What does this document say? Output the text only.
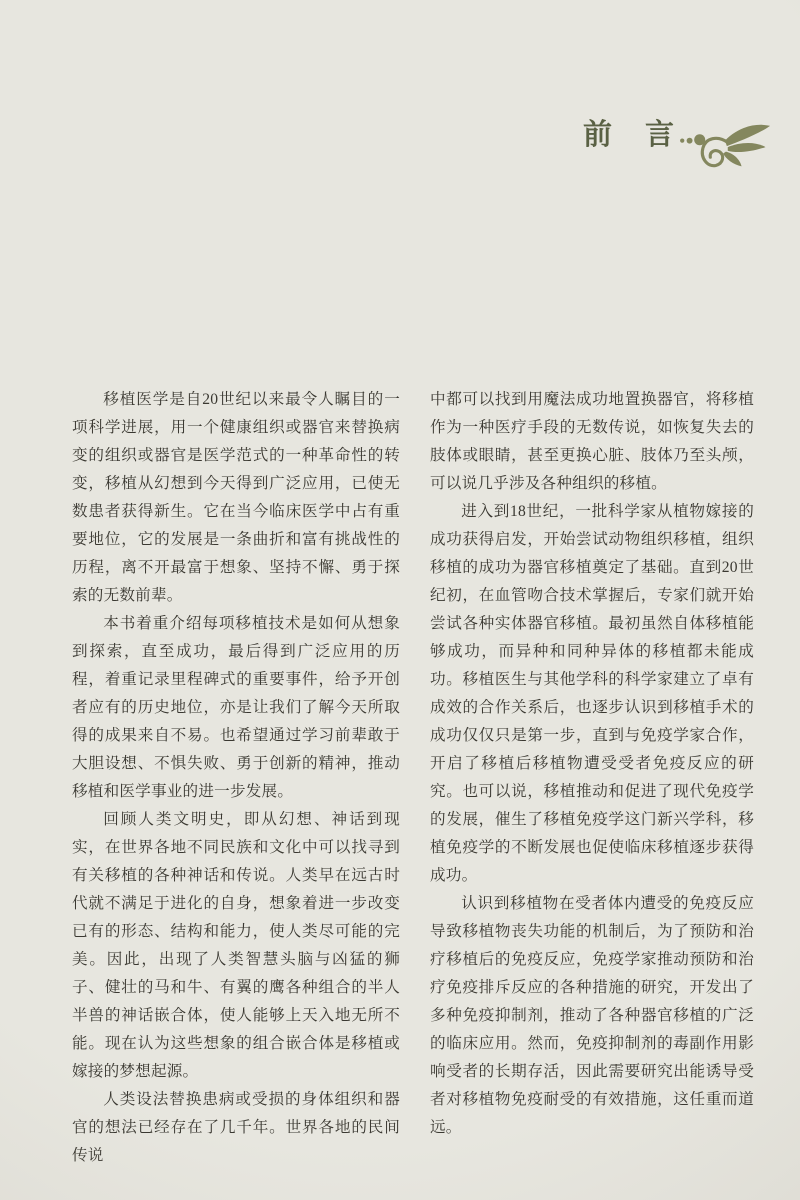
前　言

移植医学是自20世纪以来最令人瞩目的一项科学进展，用一个健康组织或器官来替换病变的组织或器官是医学范式的一种革命性的转变，移植从幻想到今天得到广泛应用，已使无数患者获得新生。它在当今临床医学中占有重要地位，它的发展是一条曲折和富有挑战性的历程，离不开最富于想象、坚持不懈、勇于探索的无数前辈。

本书着重介绍每项移植技术是如何从想象到探索，直至成功，最后得到广泛应用的历程，着重记录里程碑式的重要事件，给予开创者应有的历史地位，亦是让我们了解今天所取得的成果来自不易。也希望通过学习前辈敢于大胆设想、不惧失败、勇于创新的精神，推动移植和医学事业的进一步发展。

回顾人类文明史，即从幻想、神话到现实，在世界各地不同民族和文化中可以找寻到有关移植的各种神话和传说。人类早在远古时代就不满足于进化的自身，想象着进一步改变已有的形态、结构和能力，使人类尽可能的完美。因此，出现了人类智慧头脑与凶猛的狮子、健壮的马和牛、有翼的鹰各种组合的半人半兽的神话嵌合体，使人能够上天入地无所不能。现在认为这些想象的组合嵌合体是移植或嫁接的梦想起源。

人类设法替换患病或受损的身体组织和器官的想法已经存在了几千年。世界各地的民间传说

中都可以找到用魔法成功地置换器官，将移植作为一种医疗手段的无数传说，如恢复失去的肢体或眼睛，甚至更换心脏、肢体乃至头颅，可以说几乎涉及各种组织的移植。

进入到18世纪，一批科学家从植物嫁接的成功获得启发，开始尝试动物组织移植，组织移植的成功为器官移植奠定了基础。直到20世纪初，在血管吻合技术掌握后，专家们就开始尝试各种实体器官移植。最初虽然自体移植能够成功，而异种和同种异体的移植都未能成功。移植医生与其他学科的科学家建立了卓有成效的合作关系后，也逐步认识到移植手术的成功仅仅只是第一步，直到与免疫学家合作，开启了移植后移植物遭受受者免疫反应的研究。也可以说，移植推动和促进了现代免疫学的发展，催生了移植免疫学这门新兴学科，移植免疫学的不断发展也促使临床移植逐步获得成功。

认识到移植物在受者体内遭受的免疫反应导致移植物丧失功能的机制后，为了预防和治疗移植后的免疫反应，免疫学家推动预防和治疗免疫排斥反应的各种措施的研究，开发出了多种免疫抑制剂，推动了各种器官移植的广泛的临床应用。然而，免疫抑制剂的毒副作用影响受者的长期存活，因此需要研究出能诱导受者对移植物免疫耐受的有效措施，这任重而道远。
